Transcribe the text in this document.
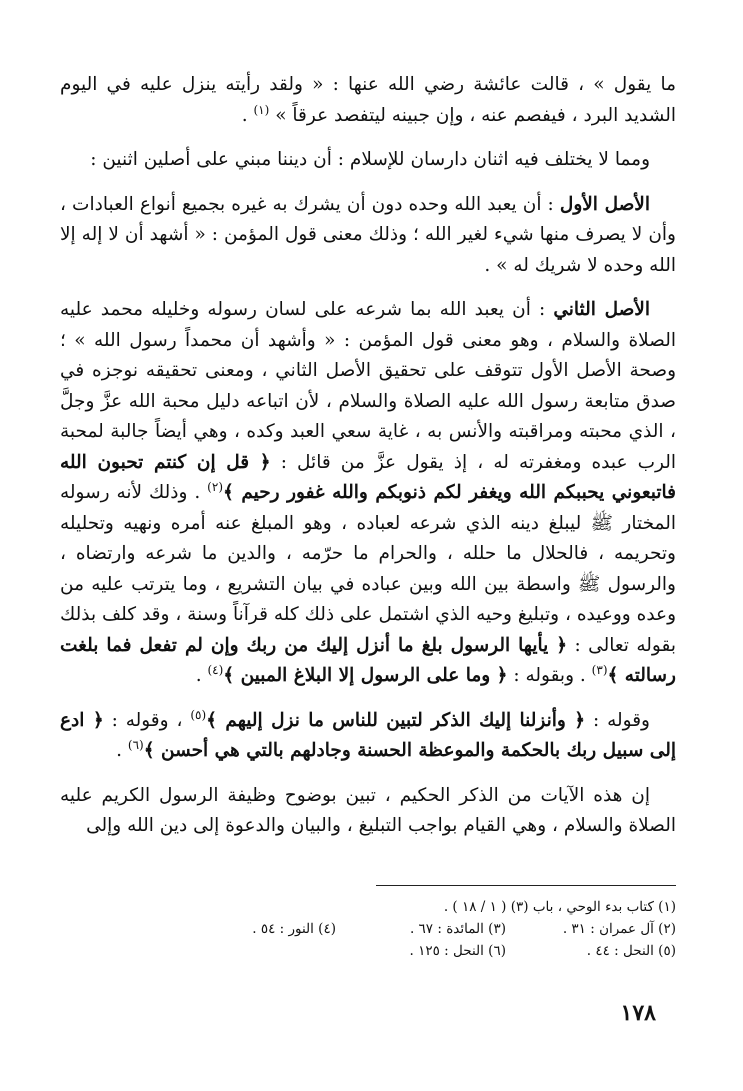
ما يقول » ، قالت عائشة رضي الله عنها : « ولقد رأيته ينزل عليه في اليوم الشديد البرد ، فيفصم عنه ، وإن جبينه ليتفصد عرقاً » $^{(١)}$ .

ومما لا يختلف فيه اثنان دارسان للإسلام : أن ديننا مبني على أصلين اثنين :

الأصل الأول : أن يعبد الله وحده دون أن يشرك به غيره بجميع أنواع العبادات ، وأن لا يصرف منها شيء لغير الله ؛ وذلك معنى قول المؤمن : « أشهد أن لا إله إلا الله وحده لا شريك له » .

الأصل الثاني : أن يعبد الله بما شرعه على لسان رسوله وخليله محمد عليه الصلاة والسلام ، وهو معنى قول المؤمن : « وأشهد أن محمداً رسول الله » ؛ وصحة الأصل الأول تتوقف على تحقيق الأصل الثاني ، ومعنى تحقيقه نوجزه في صدق متابعة رسول الله عليه الصلاة والسلام ، لأن اتباعه دليل محبة الله عزَّ وجلَّ ، الذي محبته ومراقبته والأنس به ، غاية سعي العبد وكده ، وهي أيضاً جالبة لمحبة الرب عبده ومغفرته له ، إذ يقول عزَّ من قائل : ﴿ قل إن كنتم تحبون الله فاتبعوني يحببكم الله ويغفر لكم ذنوبكم والله غفور رحيم ﴾$^{(٢)}$ . وذلك لأنه رسوله المختار ﷺ ليبلغ دينه الذي شرعه لعباده ، وهو المبلغ عنه أمره ونهيه وتحليله وتحريمه ، فالحلال ما حلله ، والحرام ما حرّمه ، والدين ما شرعه وارتضاه ، والرسول ﷺ واسطة بين الله وبين عباده في بيان التشريع ، وما يترتب عليه من وعده ووعيده ، وتبليغ وحيه الذي اشتمل على ذلك كله قرآناً وسنة ، وقد كلف بذلك بقوله تعالى : ﴿ يأيها الرسول بلغ ما أنزل إليك من ربك وإن لم تفعل فما بلغت رسالته ﴾$^{(٣)}$ . وبقوله : ﴿ وما على الرسول إلا البلاغ المبين ﴾$^{(٤)}$ .

وقوله : ﴿ وأنزلنا إليك الذكر لتبين للناس ما نزل إليهم ﴾$^{(٥)}$ ، وقوله : ﴿ ادع إلى سبيل ربك بالحكمة والموعظة الحسنة وجادلهم بالتي هي أحسن ﴾$^{(٦)}$ .

إن هذه الآيات من الذكر الحكيم ، تبين بوضوح وظيفة الرسول الكريم عليه الصلاة والسلام ، وهي القيام بواجب التبليغ ، والبيان والدعوة إلى دين الله وإلى

(١) كتاب بدء الوحي ، باب (٣) ( ١ / ١٨ ) .
(٢) آل عمران : ٣١ .
(٣) المائدة : ٦٧ .
(٤) النور : ٥٤ .
(٥) النحل : ٤٤ .
(٦) النحل : ١٢٥ .
١٧٨
